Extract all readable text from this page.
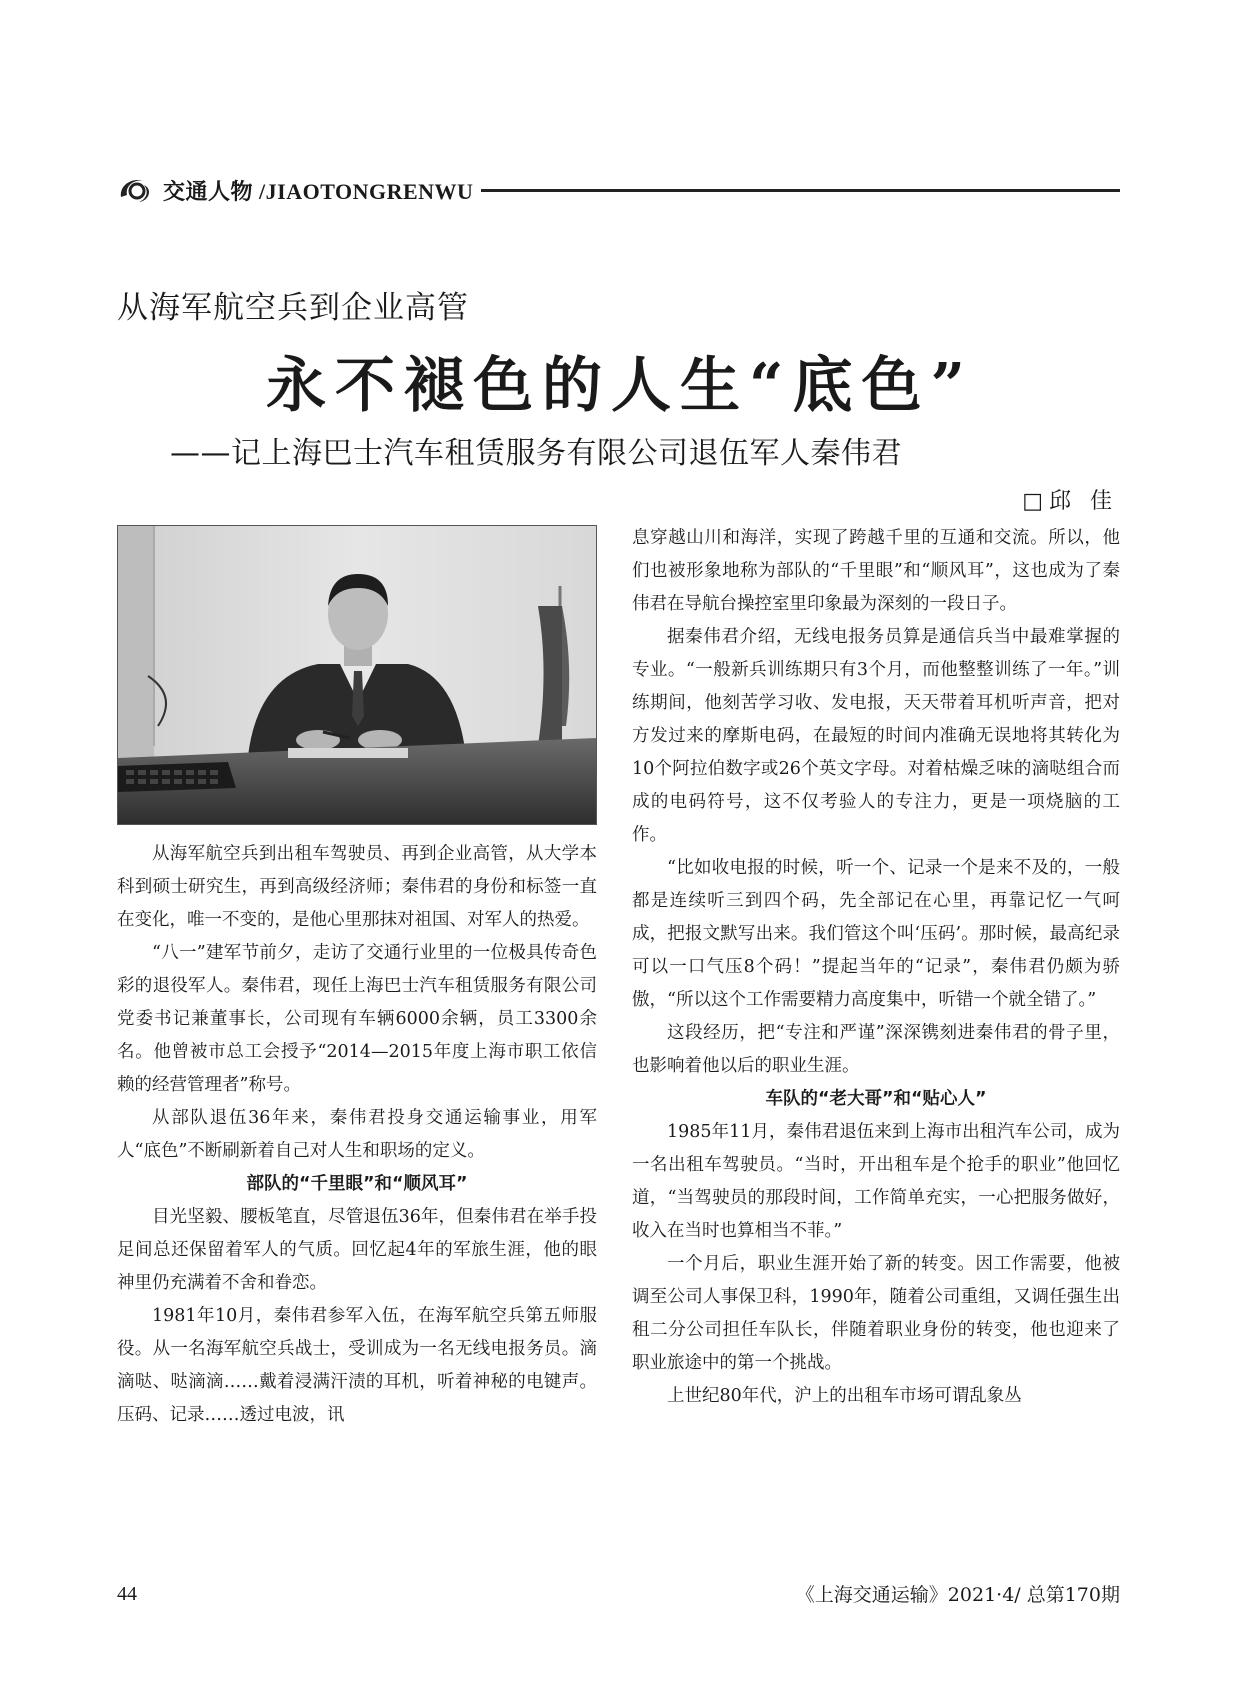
交通人物 /JIAOTONGRENWU
从海军航空兵到企业高管
永不褪色的人生“底色”
——记上海巴士汽车租赁服务有限公司退伍军人秦伟君
□邱 佳

从海军航空兵到出租车驾驶员、再到企业高管，从大学本科到硕士研究生，再到高级经济师；秦伟君的身份和标签一直在变化，唯一不变的，是他心里那抹对祖国、对军人的热爱。

“八一”建军节前夕，走访了交通行业里的一位极具传奇色彩的退役军人。秦伟君，现任上海巴士汽车租赁服务有限公司党委书记兼董事长，公司现有车辆6000余辆，员工3300余名。他曾被市总工会授予“2014—2015年度上海市职工依信赖的经营管理者”称号。

从部队退伍36年来，秦伟君投身交通运输事业，用军人“底色”不断刷新着自己对人生和职场的定义。

部队的“千里眼”和“顺风耳”

目光坚毅、腰板笔直，尽管退伍36年，但秦伟君在举手投足间总还保留着军人的气质。回忆起4年的军旅生涯，他的眼神里仍充满着不舍和眷恋。

1981年10月，秦伟君参军入伍，在海军航空兵第五师服役。从一名海军航空兵战士，受训成为一名无线电报务员。滴滴哒、哒滴滴……戴着浸满汗渍的耳机，听着神秘的电键声。压码、记录……透过电波，讯

息穿越山川和海洋，实现了跨越千里的互通和交流。所以，他们也被形象地称为部队的“千里眼”和“顺风耳”，这也成为了秦伟君在导航台操控室里印象最为深刻的一段日子。

据秦伟君介绍，无线电报务员算是通信兵当中最难掌握的专业。“一般新兵训练期只有3个月，而他整整训练了一年。”训练期间，他刻苦学习收、发电报，天天带着耳机听声音，把对方发过来的摩斯电码，在最短的时间内准确无误地将其转化为10个阿拉伯数字或26个英文字母。对着枯燥乏味的滴哒组合而成的电码符号，这不仅考验人的专注力，更是一项烧脑的工作。

“比如收电报的时候，听一个、记录一个是来不及的，一般都是连续听三到四个码，先全部记在心里，再靠记忆一气呵成，把报文默写出来。我们管这个叫‘压码’。那时候，最高纪录可以一口气压8个码！”提起当年的“记录”，秦伟君仍颇为骄傲，“所以这个工作需要精力高度集中，听错一个就全错了。”

这段经历，把“专注和严谨”深深镌刻进秦伟君的骨子里，也影响着他以后的职业生涯。

车队的“老大哥”和“贴心人”

1985年11月，秦伟君退伍来到上海市出租汽车公司，成为一名出租车驾驶员。“当时，开出租车是个抢手的职业”他回忆道，“当驾驶员的那段时间，工作简单充实，一心把服务做好，收入在当时也算相当不菲。”

一个月后，职业生涯开始了新的转变。因工作需要，他被调至公司人事保卫科，1990年，随着公司重组，又调任强生出租二分公司担任车队长，伴随着职业身份的转变，他也迎来了职业旅途中的第一个挑战。

上世纪80年代，沪上的出租车市场可谓乱象丛

44	《上海交通运输》2021·4/ 总第170期
